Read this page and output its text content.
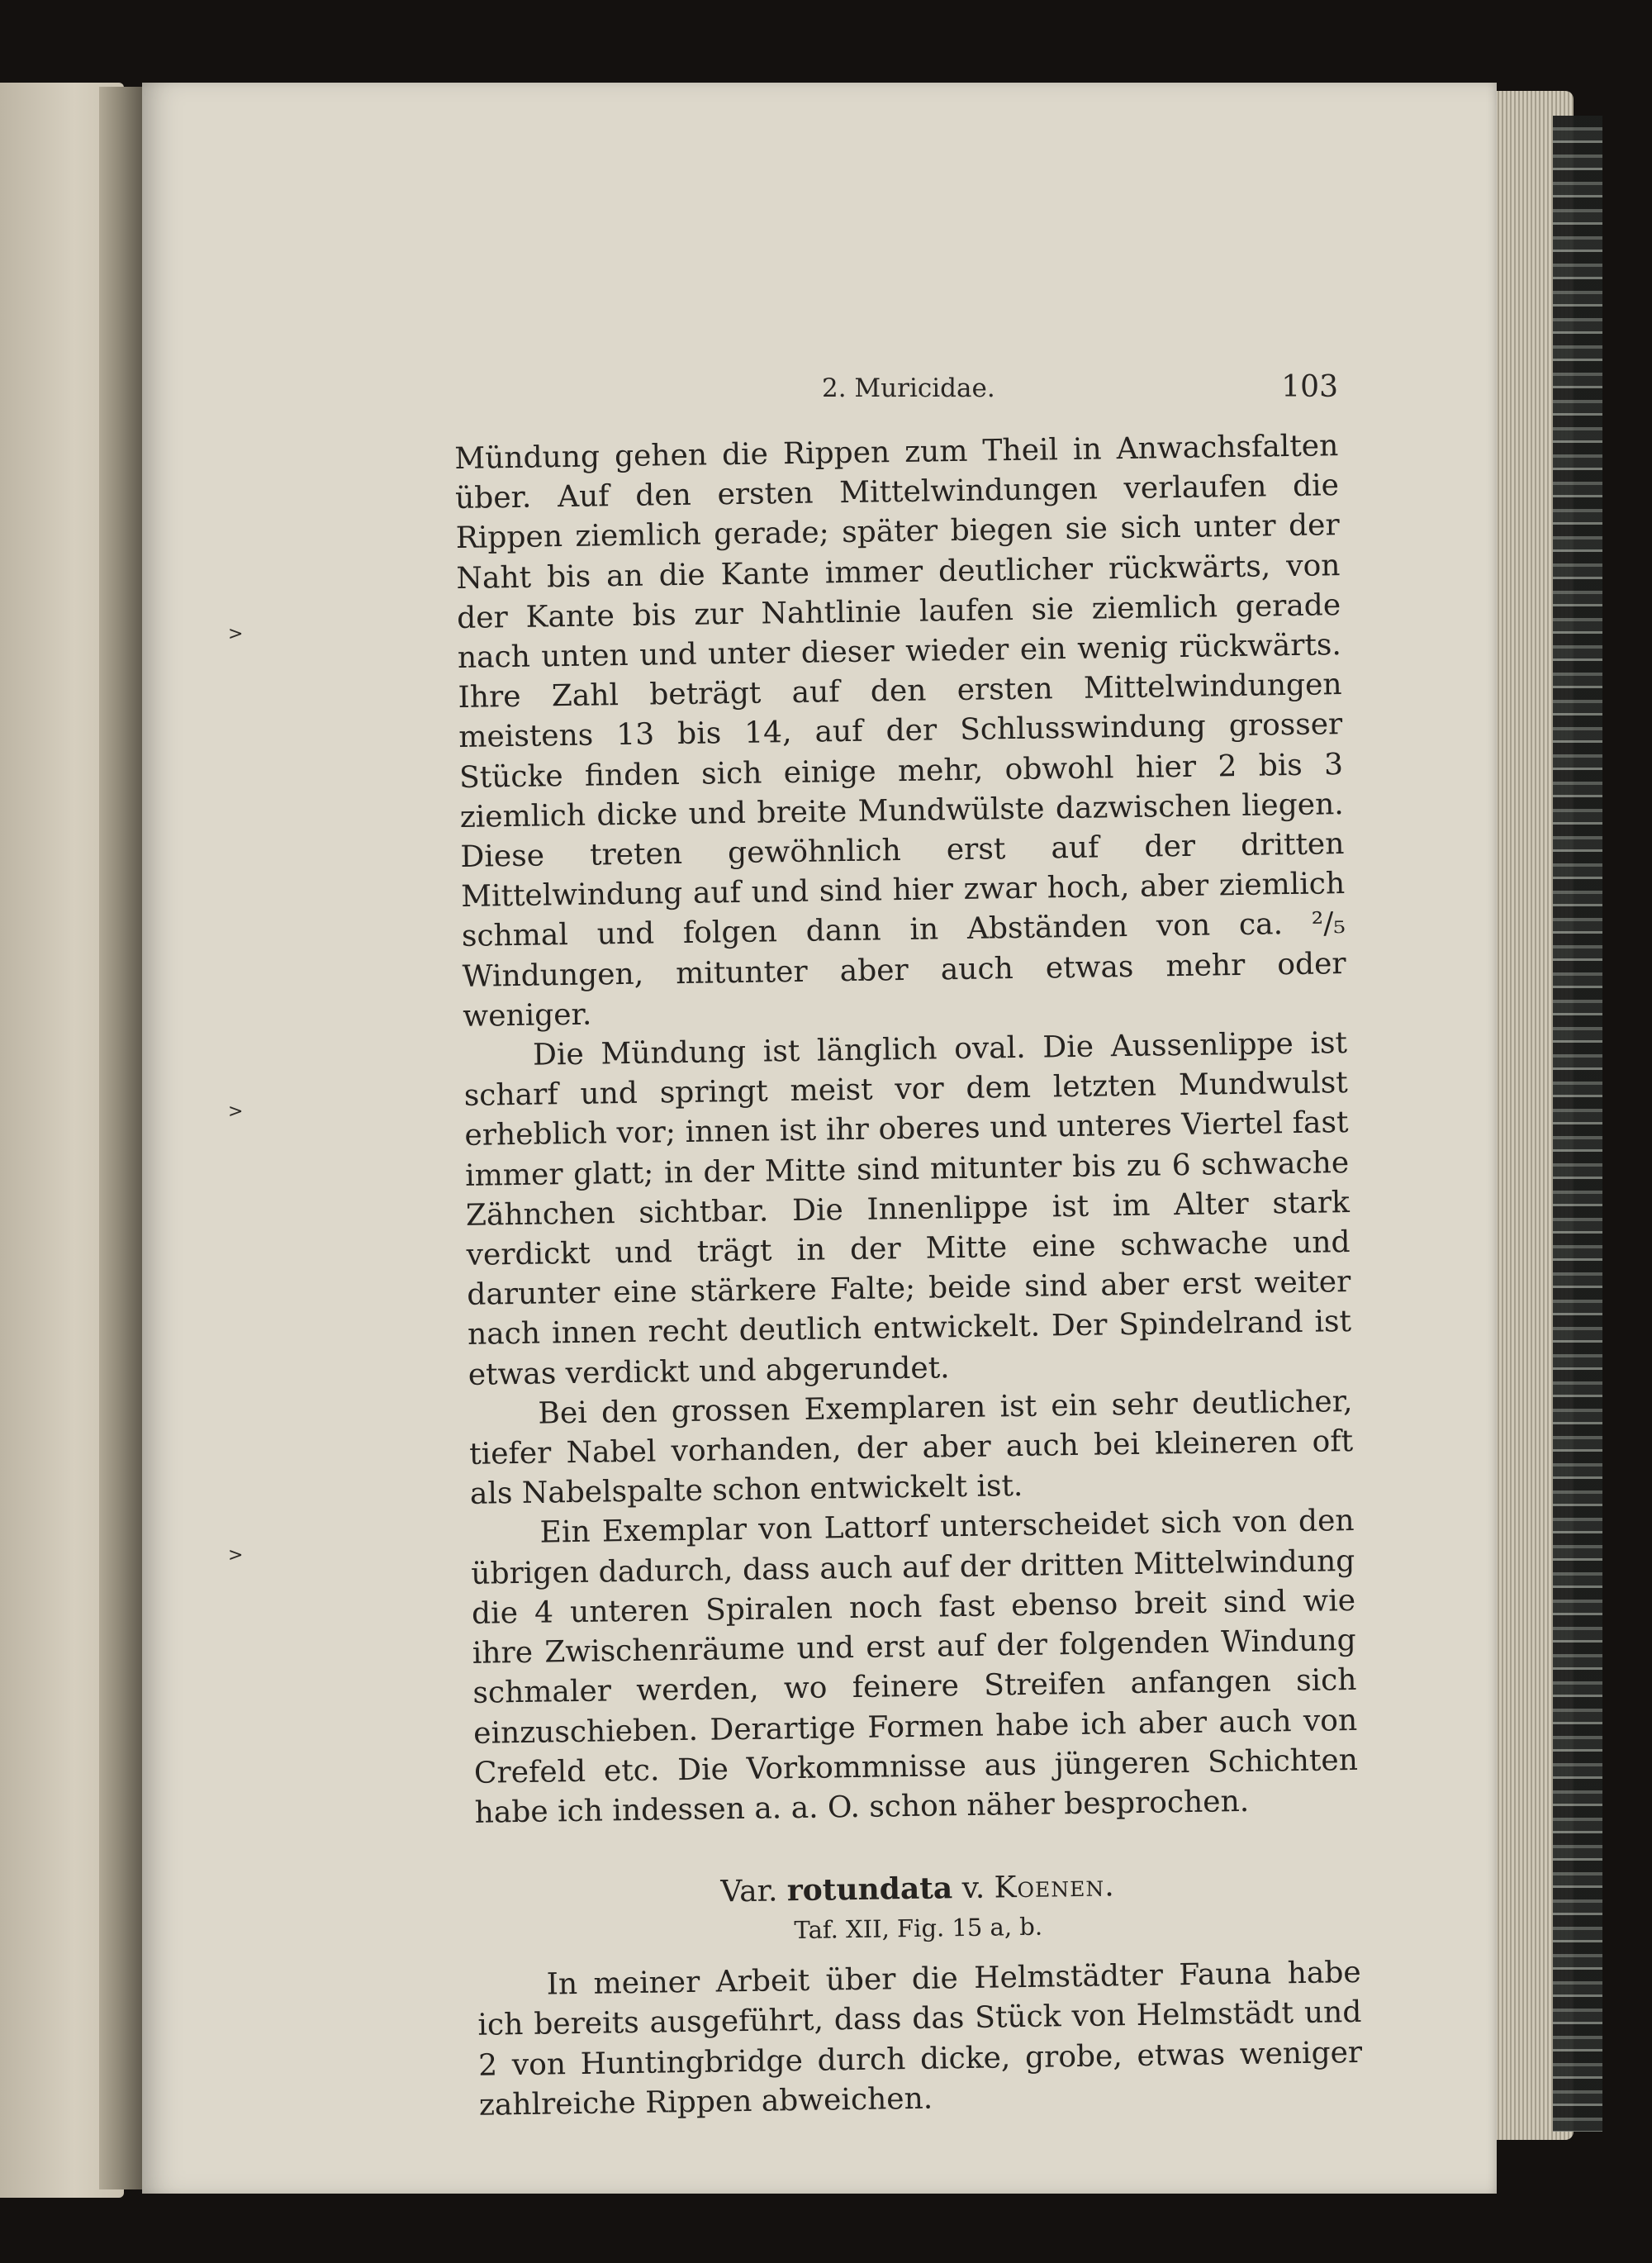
>
>
>
2. Muricidae.	103

Mündung gehen die Rippen zum Theil in Anwachsfalten über. Auf den ersten Mittelwindungen verlaufen die Rippen ziemlich gerade; später biegen sie sich unter der Naht bis an die Kante immer deutlicher rückwärts, von der Kante bis zur Nahtlinie laufen sie ziemlich gerade nach unten und unter dieser wieder ein wenig rückwärts. Ihre Zahl beträgt auf den ersten Mittelwindungen meistens 13 bis 14, auf der Schlusswindung grosser Stücke finden sich einige mehr, obwohl hier 2 bis 3 ziemlich dicke und breite Mundwülste dazwischen liegen. Diese treten gewöhnlich erst auf der dritten Mittelwindung auf und sind hier zwar hoch, aber ziemlich schmal und folgen dann in Abständen von ca. ²/₅ Windungen, mitunter aber auch etwas mehr oder weniger.

Die Mündung ist länglich oval. Die Aussenlippe ist scharf und springt meist vor dem letzten Mundwulst erheblich vor; innen ist ihr oberes und unteres Viertel fast immer glatt; in der Mitte sind mitunter bis zu 6 schwache Zähnchen sichtbar. Die Innenlippe ist im Alter stark verdickt und trägt in der Mitte eine schwache und darunter eine stärkere Falte; beide sind aber erst weiter nach innen recht deutlich entwickelt. Der Spindelrand ist etwas verdickt und abgerundet.

Bei den grossen Exemplaren ist ein sehr deutlicher, tiefer Nabel vorhanden, der aber auch bei kleineren oft als Nabelspalte schon entwickelt ist.

Ein Exemplar von Lattorf unterscheidet sich von den übrigen dadurch, dass auch auf der dritten Mittelwindung die 4 unteren Spiralen noch fast ebenso breit sind wie ihre Zwischenräume und erst auf der folgenden Windung schmaler werden, wo feinere Streifen anfangen sich einzuschieben. Derartige Formen habe ich aber auch von Crefeld etc. Die Vorkommnisse aus jüngeren Schichten habe ich indessen a. a. O. schon näher besprochen.

Var. rotundata v. Koenen.
Taf. XII, Fig. 15 a, b.

In meiner Arbeit über die Helmstädter Fauna habe ich bereits ausgeführt, dass das Stück von Helmstädt und 2 von Huntingbridge durch dicke, grobe, etwas weniger zahlreiche Rippen abweichen.
